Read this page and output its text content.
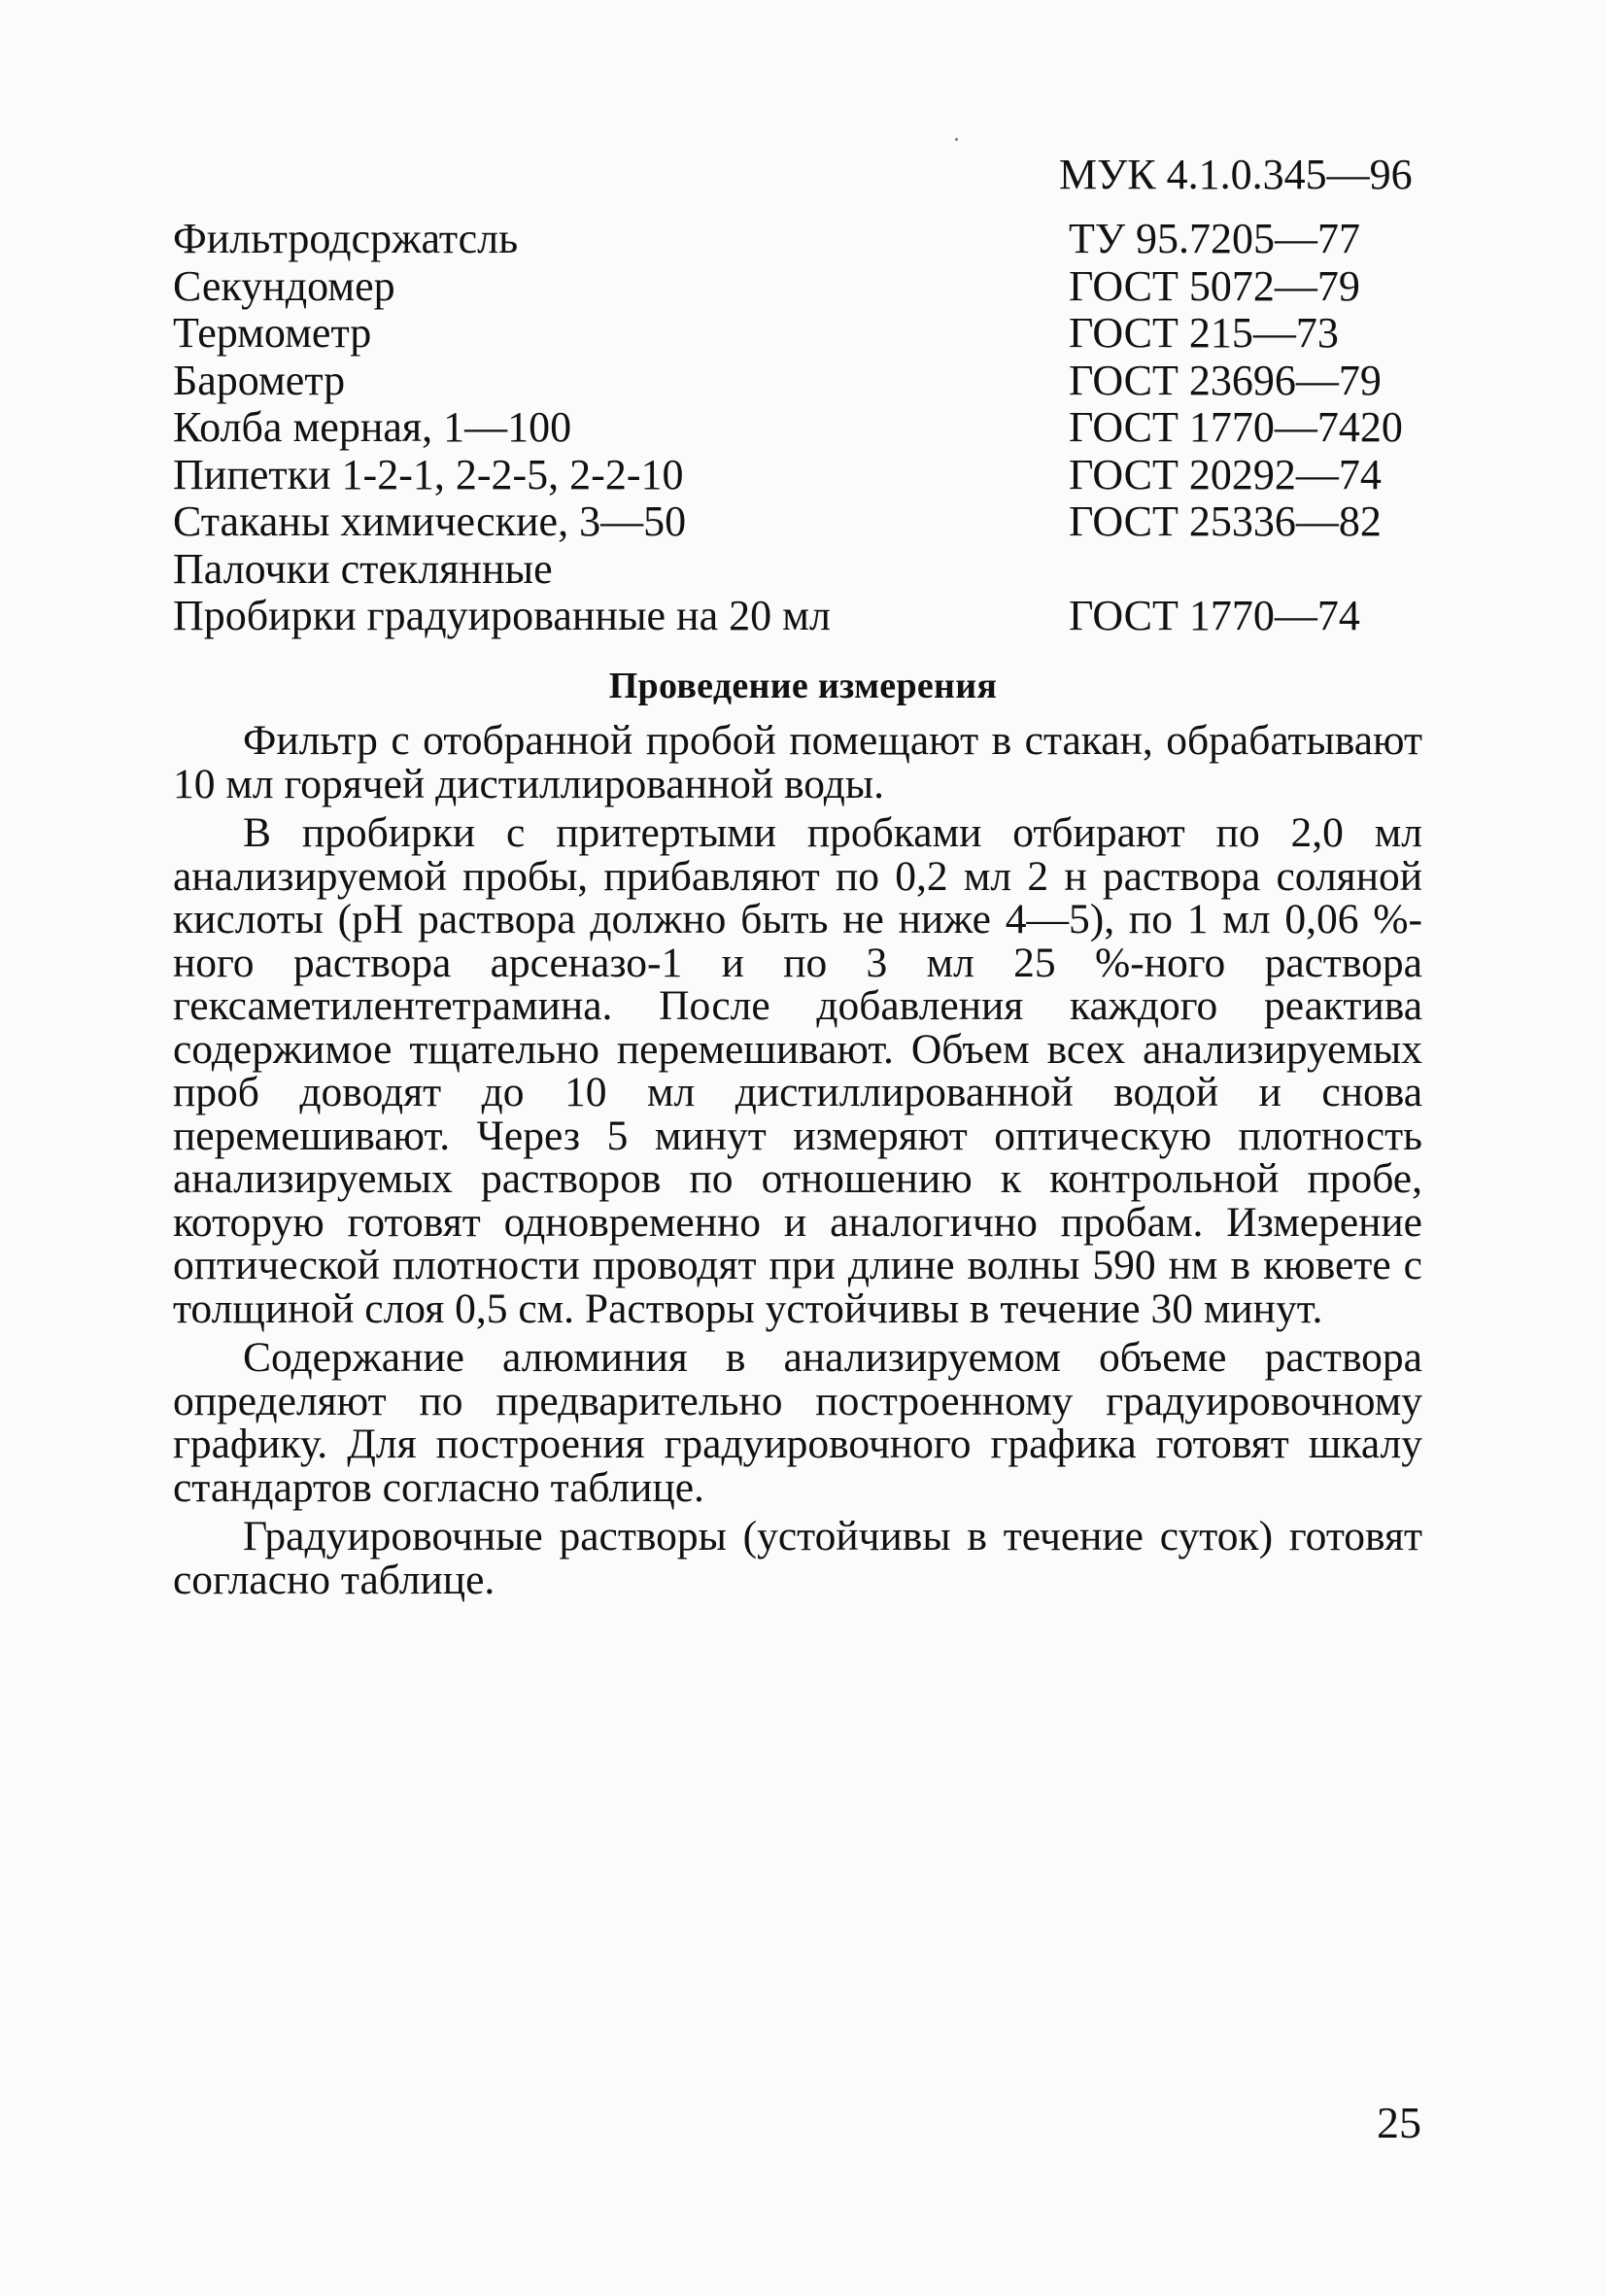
МУК 4.1.0.345—96
Фильтродсржатсль	ТУ 95.7205—77
Секундомер	ГОСТ 5072—79
Термометр	ГОСТ 215—73
Барометр	ГОСТ 23696—79
Колба мерная, 1—100	ГОСТ 1770—7420
Пипетки 1-2-1, 2-2-5, 2-2-10	ГОСТ 20292—74
Стаканы химические, 3—50	ГОСТ 25336—82
Палочки стеклянные
Пробирки градуированные на 20 мл	ГОСТ 1770—74
Проведение измерения

Фильтр с отобранной пробой помещают в стакан, обрабатывают 10 мл горячей дистиллированной воды.

В пробирки с притертыми пробками отбирают по 2,0 мл анализируемой пробы, прибавляют по 0,2 мл 2 н раствора соляной кислоты (рН раствора должно быть не ниже 4—5), по 1 мл 0,06 %-ного раствора арсеназо-1 и по 3 мл 25 %-ного раствора гексаметилентетрамина. После добавления каждого реактива содержимое тщательно перемешивают. Объем всех анализируемых проб доводят до 10 мл дистиллированной водой и снова перемешивают. Через 5 минут измеряют оптическую плотность анализируемых растворов по отношению к контрольной пробе, которую готовят одновременно и аналогично пробам. Измерение оптической плотности проводят при длине волны 590 нм в кювете с толщиной слоя 0,5 см. Растворы устойчивы в течение 30 минут.

Содержание алюминия в анализируемом объеме раствора определяют по предварительно построенному градуировочному графику. Для построения градуировочного графика готовят шкалу стандартов согласно таблице.

Градуировочные растворы (устойчивы в течение суток) готовят согласно таблице.

25
